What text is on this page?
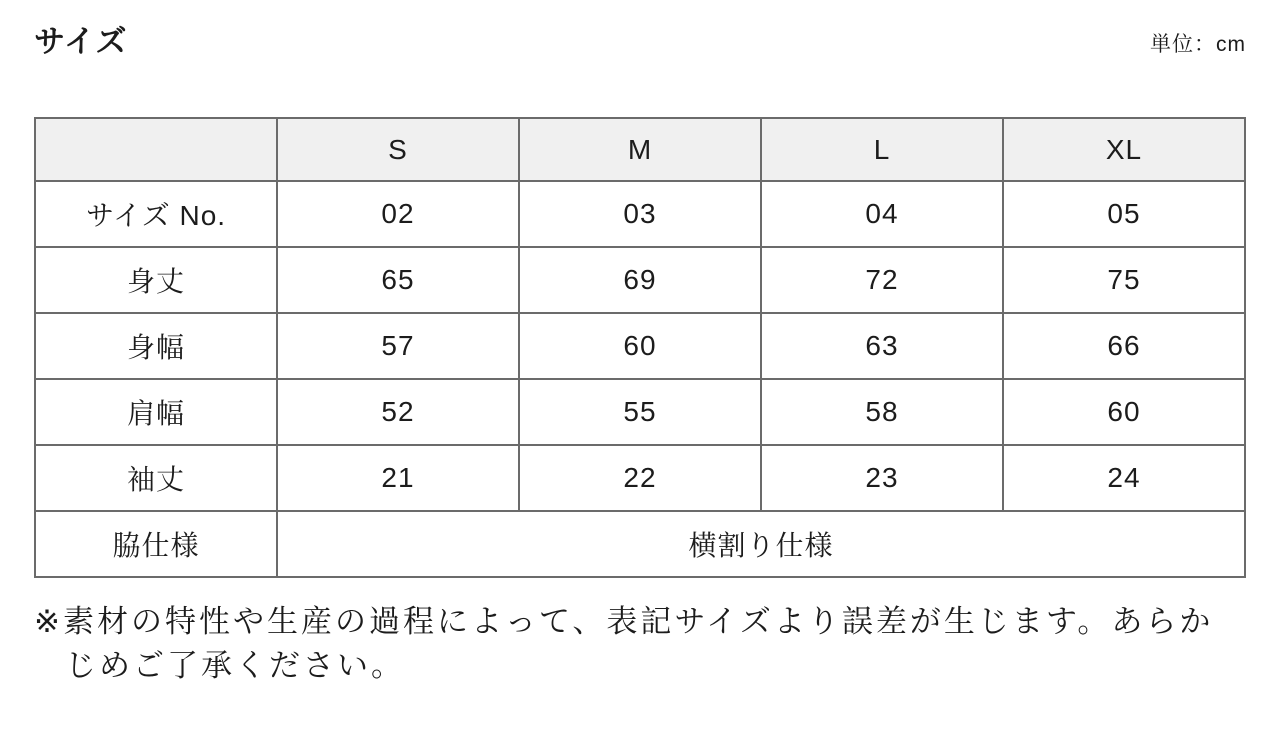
サイズ	単位：cm
	S	M	L	XL
サイズ No.	02	03	04	05
身丈	65	69	72	75
身幅	57	60	63	66
肩幅	52	55	58	60
袖丈	21	22	23	24
脇仕様	横割り仕様			

※素材の特性や生産の過程によって、表記サイズより誤差が生じます。あらかじめご了承ください。
